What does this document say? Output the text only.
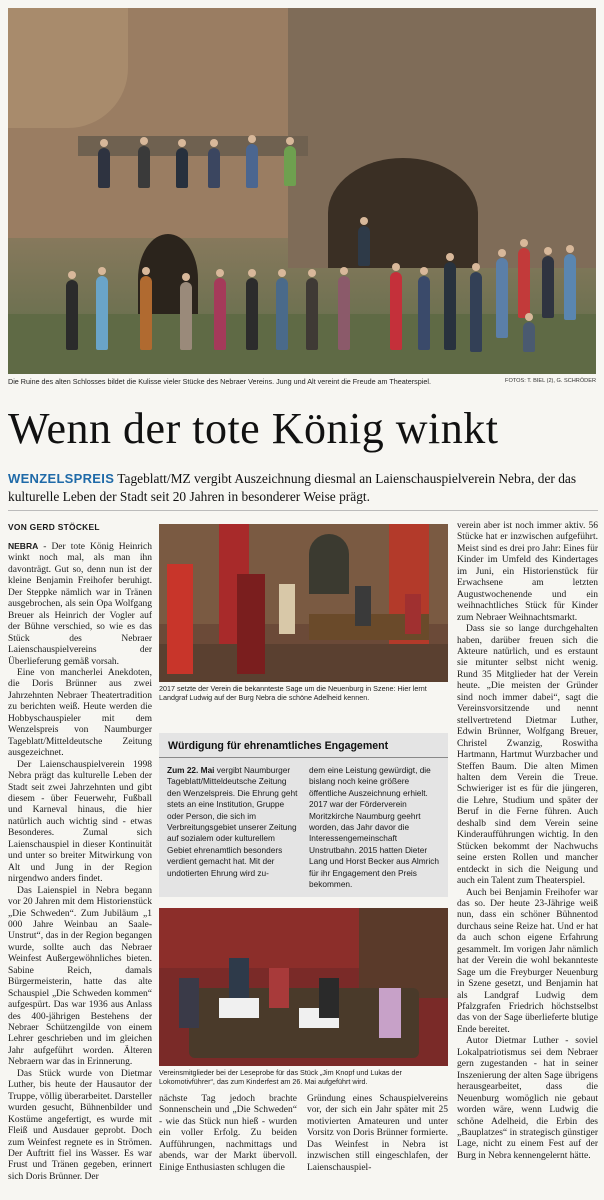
Die Ruine des alten Schlosses bildet die Kulisse vieler Stücke des Nebraer Vereins. Jung und Alt vereint die Freude am Theaterspiel.	FOTOS: T. BIEL (2), G. SCHRÖDER
Wenn der tote König winkt
WENZELSPREIS Tageblatt/MZ vergibt Auszeichnung diesmal an Laienschauspielverein Nebra, der das kulturelle Leben der Stadt seit 20 Jahren in besonderer Weise prägt.
VON GERD STÖCKEL

NEBRA - Der tote König Heinrich winkt noch mal, als man ihn davonträgt. Gut so, denn nun ist der kleine Benjamin Freihofer beruhigt. Der Steppke nämlich war in Tränen ausgebrochen, als sein Opa Wolfgang Breuer als Heinrich der Vogler auf der Bühne verschied, so wie es das Stück des Nebraer Laienschauspielvereins der Überlieferung gemäß vorsah.

Eine von mancherlei Anekdoten, die Doris Brünner aus zwei Jahrzehnten Nebraer Theatertradition zu berichten weiß. Heute werden die Hobbyschauspieler mit dem Wenzelspreis von Naumburger Tageblatt/Mitteldeutsche Zeitung ausgezeichnet.

Der Laienschauspielverein 1998 Nebra prägt das kulturelle Leben der Stadt seit zwei Jahrzehnten und gibt diesem - über Feuerwehr, Fußball und Karneval hinaus, die hier natürlich auch wichtig sind - etwas Besonderes. Zumal sich Laienschauspiel in dieser Kontinuität und unter so breiter Mitwirkung von Alt und Jung in der Region nirgendwo anders findet.

Das Laienspiel in Nebra begann vor 20 Jahren mit dem Historienstück „Die Schweden“. Zum Jubiläum „1 000 Jahre Weinbau an Saale-Unstrut“, das in der Region begangen wurde, sollte auch das Nebraer Weinfest Außergewöhnliches bieten. Sabine Reich, damals Bürgermeisterin, hatte das alte Schauspiel „Die Schweden kommen“ aufgespürt. Das war 1936 aus Anlass des 400-jährigen Bestehens der Nebraer Schützengilde von einem Lehrer geschrieben und im gleichen Jahr aufgeführt worden. Älteren Nebraern war das in Erinnerung.

Das Stück wurde von Dietmar Luther, bis heute der Hausautor der Truppe, völlig überarbeitet. Darsteller wurden gesucht, Bühnenbilder und Kostüme angefertigt, es wurde mit Fleiß und Ausdauer geprobt. Doch zum Weinfest regnete es in Strömen. Der Auftritt fiel ins Wasser. Es war Frust und Tränen gegeben, erinnert sich Doris Brünner. Der

2017 setzte der Verein die bekannteste Sage um die Neuenburg in Szene: Hier lernt Landgraf Ludwig auf der Burg Nebra die schöne Adelheid kennen.
Würdigung für ehrenamtliches Engagement
Zum 22. Mai vergibt Naumburger Tageblatt/Mitteldeutsche Zeitung den Wenzelspreis. Die Ehrung geht stets an eine Institution, Gruppe oder Person, die sich im Verbreitungsgebiet unserer Zeitung auf sozialem oder kulturellem Gebiet ehrenamtlich besonders verdient gemacht hat. Mit der undotierten Ehrung wird zu-
dem eine Leistung gewürdigt, die bislang noch keine größere öffentliche Auszeichnung erhielt. 2017 war der Förderverein Moritzkirche Naumburg geehrt worden, das Jahr davor die Interessengemeinschaft Unstrutbahn. 2015 hatten Dieter Lang und Horst Becker aus Almrich für ihr Engagement den Preis bekommen.
Vereinsmitglieder bei der Leseprobe für das Stück „Jim Knopf und Lukas der Lokomotivführer“, das zum Kinderfest am 26. Mai aufgeführt wird.
nächste Tag jedoch brachte Sonnenschein und „Die Schweden“ - wie das Stück nun hieß - wurden ein voller Erfolg. Zu beiden Aufführungen, nachmittags und abends, war der Markt übervoll. Einige Enthusiasten schlugen die
Gründung eines Schauspielvereins vor, der sich ein Jahr später mit 25 motivierten Amateuren und unter Vorsitz von Doris Brünner formierte. Das Weinfest in Nebra ist inzwischen still eingeschlafen, der Laienschauspiel-

verein aber ist noch immer aktiv. 56 Stücke hat er inzwischen aufgeführt. Meist sind es drei pro Jahr: Eines für Kinder im Umfeld des Kindertages im Juni, ein Historienstück für Erwachsene am letzten Augustwochenende und ein weihnachtliches Stück für Kinder zum Nebraer Weihnachtsmarkt.

Dass sie so lange durchgehalten haben, darüber freuen sich die Akteure natürlich, und es erstaunt sie mitunter selbst nicht wenig. Rund 35 Mitglieder hat der Verein heute. „Die meisten der Gründer sind noch immer dabei“, sagt die Vereinsvorsitzende und nennt stellvertretend Dietmar Luther, Edwin Brünner, Wolfgang Breuer, Christel Zwanzig, Roswitha Hartmann, Hartmut Wurzbacher und Steffen Baum. Die alten Mimen halten dem Verein die Treue. Schwieriger ist es für die jüngeren, die Lehre, Studium und später der Beruf in die Ferne führen. Auch deshalb sind dem Verein seine Kinderaufführungen wichtig. In den Stücken bekommt der Nachwuchs seine ersten Rollen und mancher entdeckt in sich die Neigung und auch ein Talent zum Theaterspiel.

Auch bei Benjamin Freihofer war das so. Der heute 23-Jährige weiß nun, dass ein schöner Bühnentod durchaus seine Reize hat. Und er hat da auch schon eigene Erfahrung gesammelt. Im vorigen Jahr nämlich hat der Verein die wohl bekannteste Sage um die Freyburger Neuenburg in Szene gesetzt, und Benjamin hat als Landgraf Ludwig dem Pfalzgrafen Friedrich höchstselbst das von der Sage überlieferte blutige Ende bereitet.

Autor Dietmar Luther - soviel Lokalpatriotismus sei dem Nebraer gern zugestanden - hat in seiner Inszenierung der alten Sage übrigens herausgearbeitet, dass die Neuenburg womöglich nie gebaut worden wäre, wenn Ludwig die schöne Adelheid, die Erbin des „Bauplatzes“ in strategisch günstiger Lage, nicht zu einem Fest auf der Burg in Nebra kennengelernt hätte.
